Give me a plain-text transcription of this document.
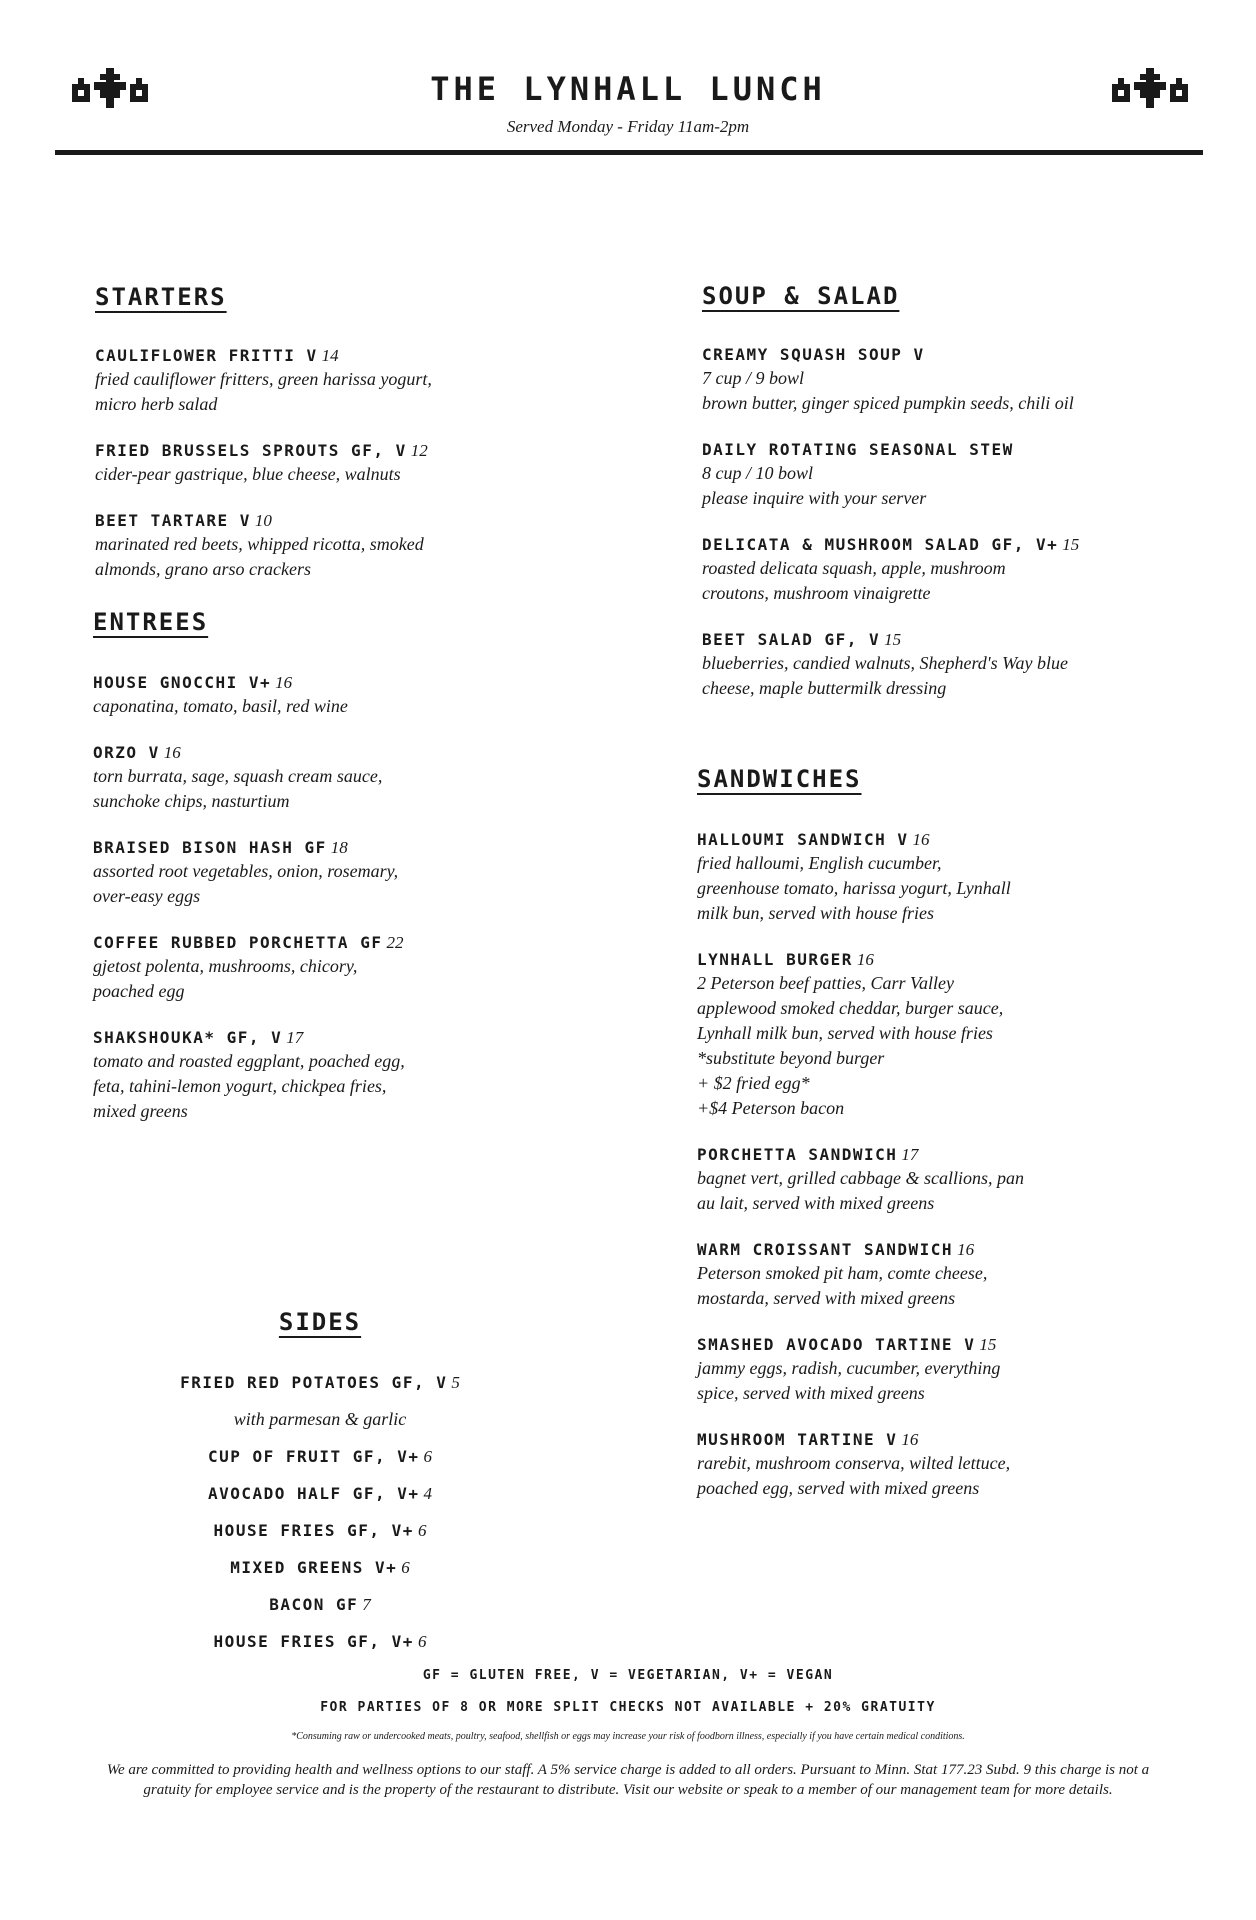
THE LYNHALL LUNCH

Served Monday - Friday 11am-2pm

STARTERS

CAULIFLOWER FRITTI V 14

fried cauliflower fritters, green harissa yogurt,

micro herb salad

FRIED BRUSSELS SPROUTS GF, V 12

cider-pear gastrique, blue cheese, walnuts

BEET TARTARE V 10

marinated red beets, whipped ricotta, smoked

almonds, grano arso crackers

ENTREES

HOUSE GNOCCHI V+ 16

caponatina, tomato, basil, red wine

ORZO V 16

torn burrata, sage, squash cream sauce,

sunchoke chips, nasturtium

BRAISED BISON HASH GF 18

assorted root vegetables, onion, rosemary,

over-easy eggs

COFFEE RUBBED PORCHETTA GF 22

gjetost polenta, mushrooms, chicory,

poached egg

SHAKSHOUKA* GF, V 17

tomato and roasted eggplant, poached egg,

feta, tahini-lemon yogurt, chickpea fries,

mixed greens

SOUP & SALAD

CREAMY SQUASH SOUP V

7 cup / 9 bowl

brown butter, ginger spiced pumpkin seeds, chili oil

DAILY ROTATING SEASONAL STEW

8 cup / 10 bowl

please inquire with your server

DELICATA & MUSHROOM SALAD GF, V+ 15

roasted delicata squash, apple, mushroom

croutons, mushroom vinaigrette

BEET SALAD GF, V 15

blueberries, candied walnuts, Shepherd's Way blue

cheese, maple buttermilk dressing

SANDWICHES

HALLOUMI SANDWICH V 16

fried halloumi, English cucumber,

greenhouse tomato, harissa yogurt, Lynhall

milk bun, served with house fries

LYNHALL BURGER 16

2 Peterson beef patties, Carr Valley

applewood smoked cheddar, burger sauce,

Lynhall milk bun, served with house fries

*substitute beyond burger

+ $2 fried egg*

+$4 Peterson bacon

PORCHETTA SANDWICH 17

bagnet vert, grilled cabbage & scallions, pan

au lait, served with mixed greens

WARM CROISSANT SANDWICH 16

Peterson smoked pit ham, comte cheese,

mostarda, served with mixed greens

SMASHED AVOCADO TARTINE V 15

jammy eggs, radish, cucumber, everything

spice, served with mixed greens

MUSHROOM TARTINE V 16

rarebit, mushroom conserva, wilted lettuce,

poached egg, served with mixed greens

SIDES

FRIED RED POTATOES GF, V 5

with parmesan & garlic

CUP OF FRUIT GF, V+ 6

AVOCADO HALF GF, V+ 4

HOUSE FRIES GF, V+ 6

MIXED GREENS V+ 6

BACON GF 7

HOUSE FRIES GF, V+ 6

GF = GLUTEN FREE, V = VEGETARIAN, V+ = VEGAN

FOR PARTIES OF 8 OR MORE SPLIT CHECKS NOT AVAILABLE + 20% GRATUITY

*Consuming raw or undercooked meats, poultry, seafood, shellfish or eggs may increase your risk of foodborn illness, especially if you have certain medical conditions.

We are committed to providing health and wellness options to our staff. A 5% service charge is added to all orders. Pursuant to Minn. Stat 177.23 Subd. 9 this charge is not a gratuity for employee service and is the property of the restaurant to distribute. Visit our website or speak to a member of our management team for more details.
